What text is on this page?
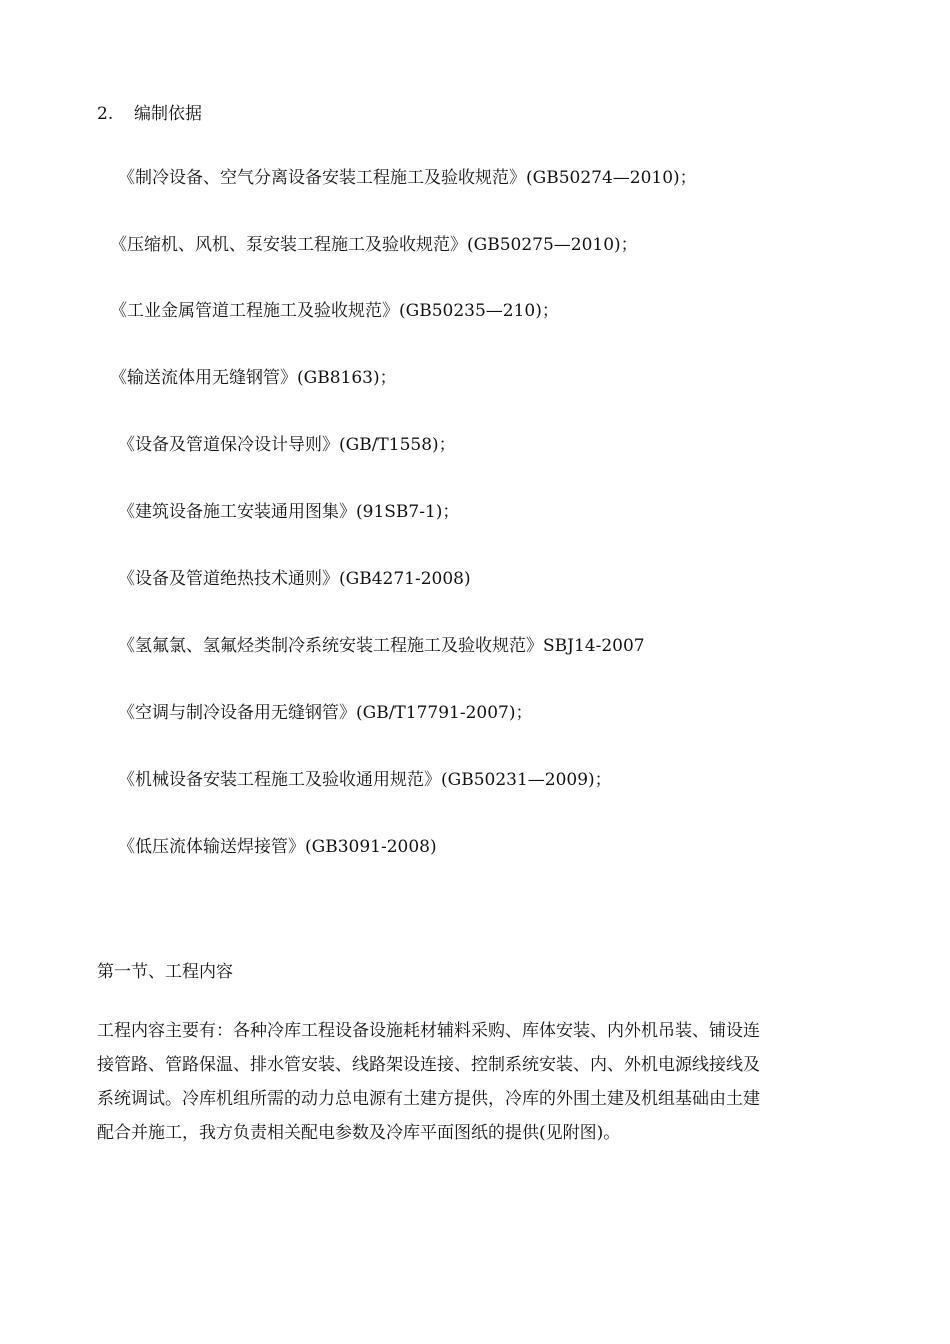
2. 编制依据
《制冷设备、空气分离设备安装工程施工及验收规范》(GB50274—2010)；
《压缩机、风机、泵安装工程施工及验收规范》(GB50275—2010)；
《工业金属管道工程施工及验收规范》(GB50235—210)；
《输送流体用无缝钢管》(GB8163)；
《设备及管道保冷设计导则》(GB/T1558)；
《建筑设备施工安装通用图集》(91SB7-1)；
《设备及管道绝热技术通则》(GB4271-2008)
《氢氟氯、氢氟烃类制冷系统安装工程施工及验收规范》SBJ14-2007
《空调与制冷设备用无缝钢管》(GB/T17791-2007)；
《机械设备安装工程施工及验收通用规范》(GB50231—2009)；
《低压流体输送焊接管》(GB3091-2008)
第一节、工程内容
工程内容主要有：各种冷库工程设备设施耗材辅料采购、库体安装、内外机吊装、铺设连
接管路、管路保温、排水管安装、线路架设连接、控制系统安装、内、外机电源线接线及
系统调试。冷库机组所需的动力总电源有土建方提供，冷库的外围土建及机组基础由土建
配合并施工，我方负责相关配电参数及冷库平面图纸的提供(见附图)。
